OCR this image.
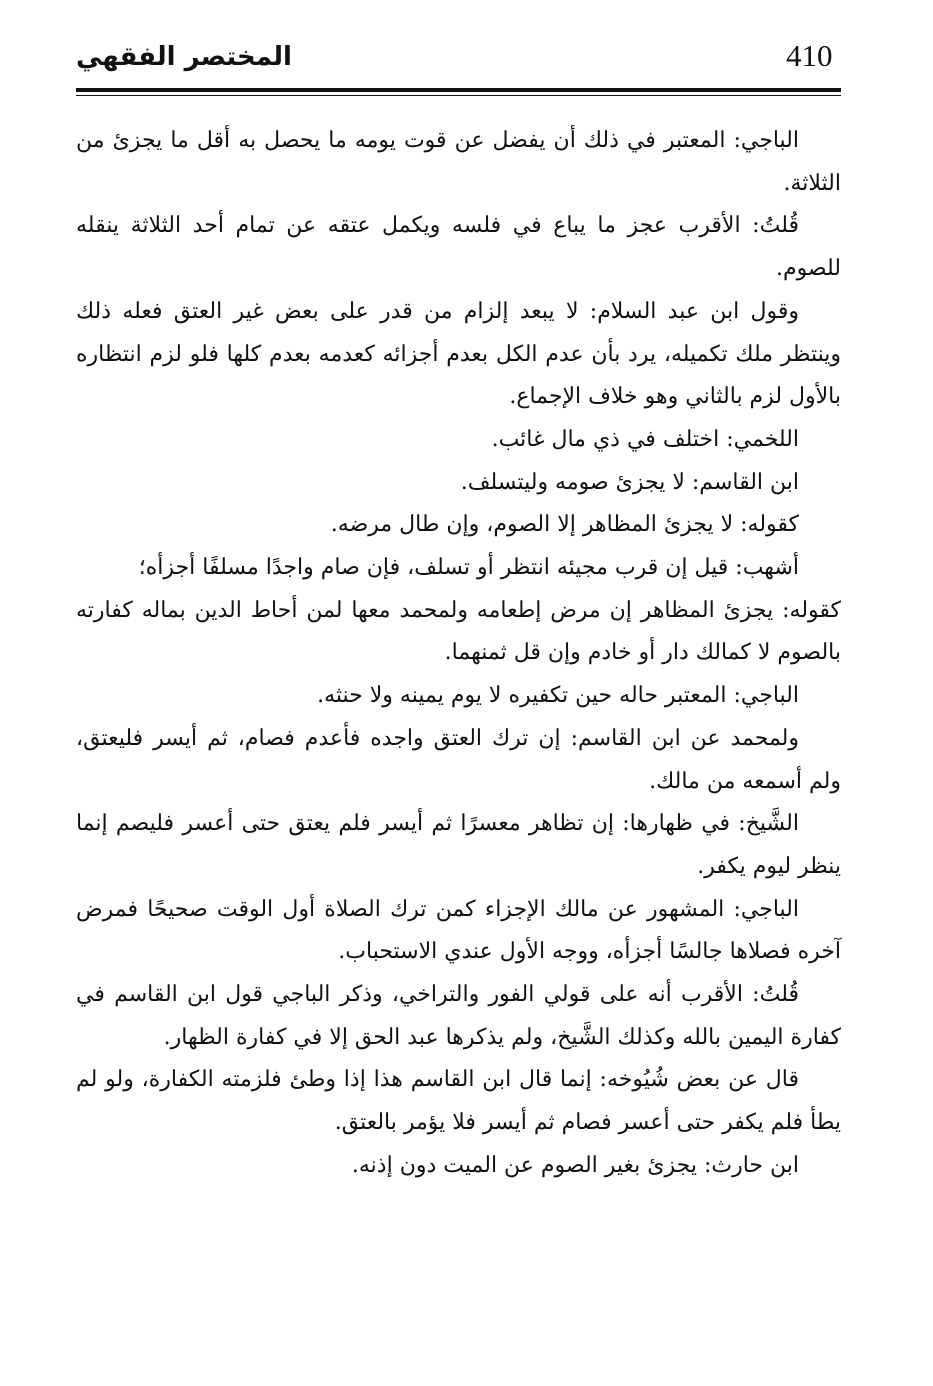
410
المختصر الفقهي

الباجي: المعتبر في ذلك أن يفضل عن قوت يومه ما يحصل به أقل ما يجزئ من الثلاثة.

قُلتُ: الأقرب عجز ما يباع في فلسه ويكمل عتقه عن تمام أحد الثلاثة ينقله للصوم.

وقول ابن عبد السلام: لا يبعد إلزام من قدر على بعض غير العتق فعله ذلك وينتظر ملك تكميله، يرد بأن عدم الكل بعدم أجزائه كعدمه بعدم كلها فلو لزم انتظاره بالأول لزم بالثاني وهو خلاف الإجماع.

اللخمي: اختلف في ذي مال غائب.

ابن القاسم: لا يجزئ صومه وليتسلف.

كقوله: لا يجزئ المظاهر إلا الصوم، وإن طال مرضه.

أشهب: قيل إن قرب مجيئه انتظر أو تسلف، فإن صام واجدًا مسلفًا أجزأه؛

كقوله: يجزئ المظاهر إن مرض إطعامه ولمحمد معها لمن أحاط الدين بماله كفارته بالصوم لا كمالك دار أو خادم وإن قل ثمنهما.

الباجي: المعتبر حاله حين تكفيره لا يوم يمينه ولا حنثه.

ولمحمد عن ابن القاسم: إن ترك العتق واجده فأعدم فصام، ثم أيسر فليعتق، ولم أسمعه من مالك.

الشَّيخ: في ظهارها: إن تظاهر معسرًا ثم أيسر فلم يعتق حتى أعسر فليصم إنما ينظر ليوم يكفر.

الباجي: المشهور عن مالك الإجزاء كمن ترك الصلاة أول الوقت صحيحًا فمرض آخره فصلاها جالسًا أجزأه، ووجه الأول عندي الاستحباب.

قُلتُ: الأقرب أنه على قولي الفور والتراخي، وذكر الباجي قول ابن القاسم في كفارة اليمين بالله وكذلك الشَّيخ، ولم يذكرها عبد الحق إلا في كفارة الظهار.

قال عن بعض شُيُوخه: إنما قال ابن القاسم هذا إذا وطئ فلزمته الكفارة، ولو لم يطأ فلم يكفر حتى أعسر فصام ثم أيسر فلا يؤمر بالعتق.

ابن حارث: يجزئ بغير الصوم عن الميت دون إذنه.
